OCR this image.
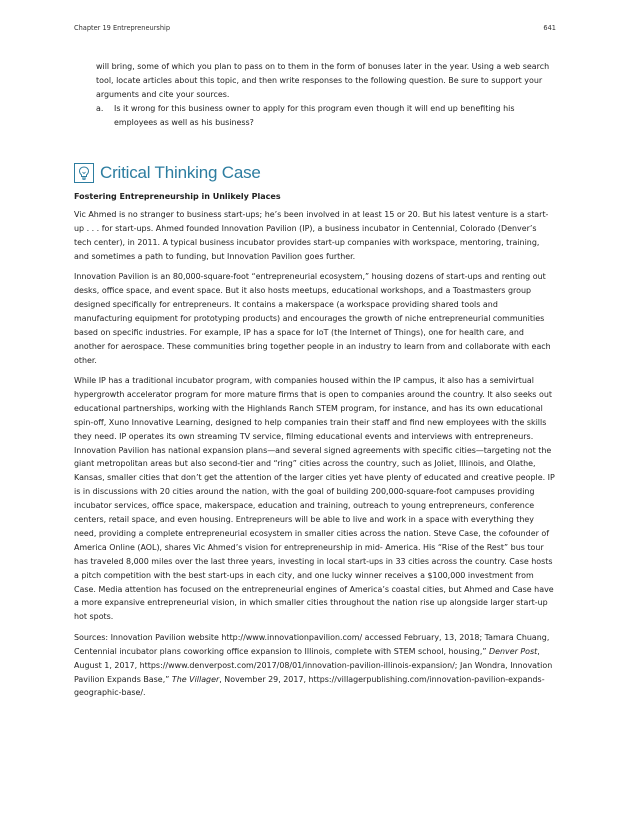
Chapter 19 Entrepreneurship	641

will bring, some of which you plan to pass on to them in the form of bonuses later in the year. Using a web search tool, locate articles about this topic, and then write responses to the following question. Be sure to support your arguments and cite your sources.

a.	Is it wrong for this business owner to apply for this program even though it will end up benefiting his employees as well as his business?
Critical Thinking Case
Fostering Entrepreneurship in Unlikely Places

Vic Ahmed is no stranger to business start-ups; he’s been involved in at least 15 or 20. But his latest venture is a start-up . . . for start-ups. Ahmed founded Innovation Pavilion (IP), a business incubator in Centennial, Colorado (Denver’s tech center), in 2011. A typical business incubator provides start-up companies with workspace, mentoring, training, and sometimes a path to funding, but Innovation Pavilion goes further.

Innovation Pavilion is an 80,000-square-foot “entrepreneurial ecosystem,” housing dozens of start-ups and renting out desks, office space, and event space. But it also hosts meetups, educational workshops, and a Toastmasters group designed specifically for entrepreneurs. It contains a makerspace (a workspace providing shared tools and manufacturing equipment for prototyping products) and encourages the growth of niche entrepreneurial communities based on specific industries. For example, IP has a space for IoT (the Internet of Things), one for health care, and another for aerospace. These communities bring together people in an industry to learn from and collaborate with each other.

While IP has a traditional incubator program, with companies housed within the IP campus, it also has a semivirtual hypergrowth accelerator program for more mature firms that is open to companies around the country. It also seeks out educational partnerships, working with the Highlands Ranch STEM program, for instance, and has its own educational spin-off, Xuno Innovative Learning, designed to help companies train their staff and find new employees with the skills they need. IP operates its own streaming TV service, filming educational events and interviews with entrepreneurs. Innovation Pavilion has national expansion plans—and several signed agreements with specific cities—targeting not the giant metropolitan areas but also second-tier and “ring” cities across the country, such as Joliet, Illinois, and Olathe, Kansas, smaller cities that don’t get the attention of the larger cities yet have plenty of educated and creative people. IP is in discussions with 20 cities around the nation, with the goal of building 200,000-square-foot campuses providing incubator services, office space, makerspace, education and training, outreach to young entrepreneurs, conference centers, retail space, and even housing. Entrepreneurs will be able to live and work in a space with everything they need, providing a complete entrepreneurial ecosystem in smaller cities across the nation. Steve Case, the cofounder of America Online (AOL), shares Vic Ahmed’s vision for entrepreneurship in mid- America. His “Rise of the Rest” bus tour has traveled 8,000 miles over the last three years, investing in local start-ups in 33 cities across the country. Case hosts a pitch competition with the best start-ups in each city, and one lucky winner receives a $100,000 investment from Case. Media attention has focused on the entrepreneurial engines of America’s coastal cities, but Ahmed and Case have a more expansive entrepreneurial vision, in which smaller cities throughout the nation rise up alongside larger start-up hot spots.

Sources: Innovation Pavilion website http://www.innovationpavilion.com/ accessed February, 13, 2018; Tamara Chuang, Centennial incubator plans coworking office expansion to Illinois, complete with STEM school, housing,” Denver Post, August 1, 2017, https://www.denverpost.com/2017/08/01/innovation-pavilion-illinois-expansion/; Jan Wondra, Innovation Pavilion Expands Base,” The Villager, November 29, 2017, https://villagerpublishing.com/innovation-pavilion-expands-geographic-base/.
